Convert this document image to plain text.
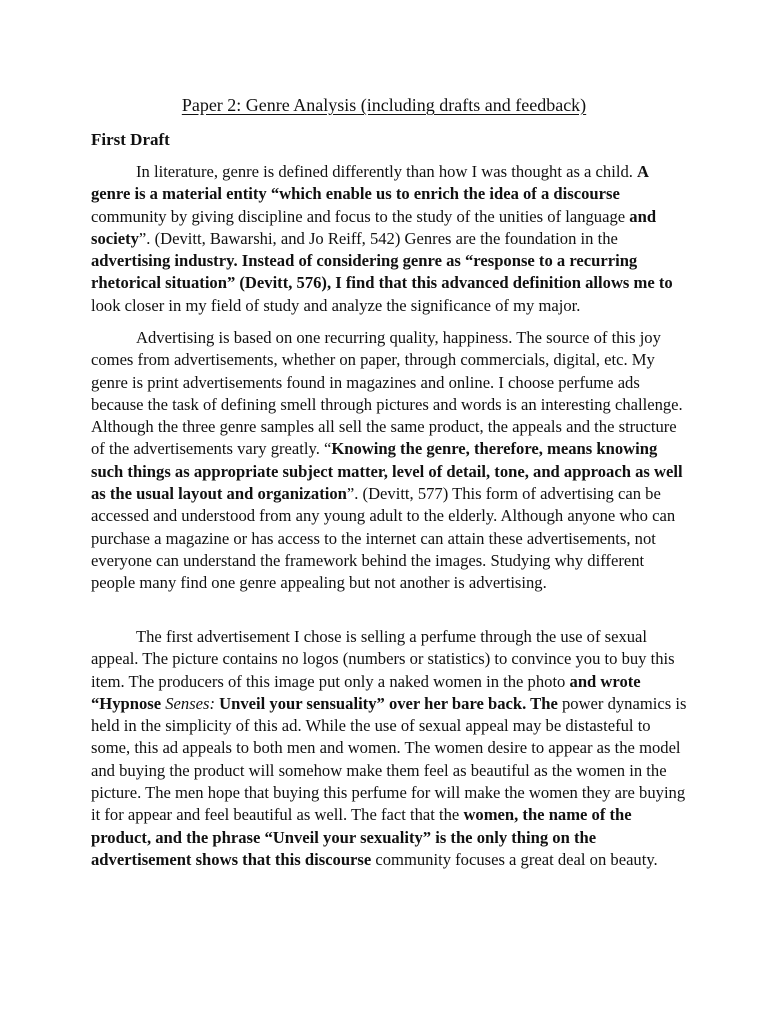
Paper 2: Genre Analysis (including drafts and feedback)
First Draft

In literature, genre is defined differently than how I was thought as a child. A genre is a material entity “which enable us to enrich the idea of a discourse community by giving discipline and focus to the study of the unities of language and society”. (Devitt, Bawarshi, and Jo Reiff, 542) Genres are the foundation in the advertising industry. Instead of considering genre as “response to a recurring rhetorical situation” (Devitt, 576), I find that this advanced definition allows me to look closer in my field of study and analyze the significance of my major.

Advertising is based on one recurring quality, happiness. The source of this joy comes from advertisements, whether on paper, through commercials, digital, etc. My genre is print advertisements found in magazines and online. I choose perfume ads because the task of defining smell through pictures and words is an interesting challenge. Although the three genre samples all sell the same product, the appeals and the structure of the advertisements vary greatly. “Knowing the genre, therefore, means knowing such things as appropriate subject matter, level of detail, tone, and approach as well as the usual layout and organization”. (Devitt, 577) This form of advertising can be accessed and understood from any young adult to the elderly. Although anyone who can purchase a magazine or has access to the internet can attain these advertisements, not everyone can understand the framework behind the images. Studying why different people many find one genre appealing but not another is advertising.

The first advertisement I chose is selling a perfume through the use of sexual appeal. The picture contains no logos (numbers or statistics) to convince you to buy this item. The producers of this image put only a naked women in the photo and wrote “Hypnose Senses: Unveil your sensuality” over her bare back. The power dynamics is held in the simplicity of this ad. While the use of sexual appeal may be distasteful to some, this ad appeals to both men and women. The women desire to appear as the model and buying the product will somehow make them feel as beautiful as the women in the picture. The men hope that buying this perfume for will make the women they are buying it for appear and feel beautiful as well. The fact that the women, the name of the product, and the phrase “Unveil your sexuality” is the only thing on the advertisement shows that this discourse community focuses a great deal on beauty.
